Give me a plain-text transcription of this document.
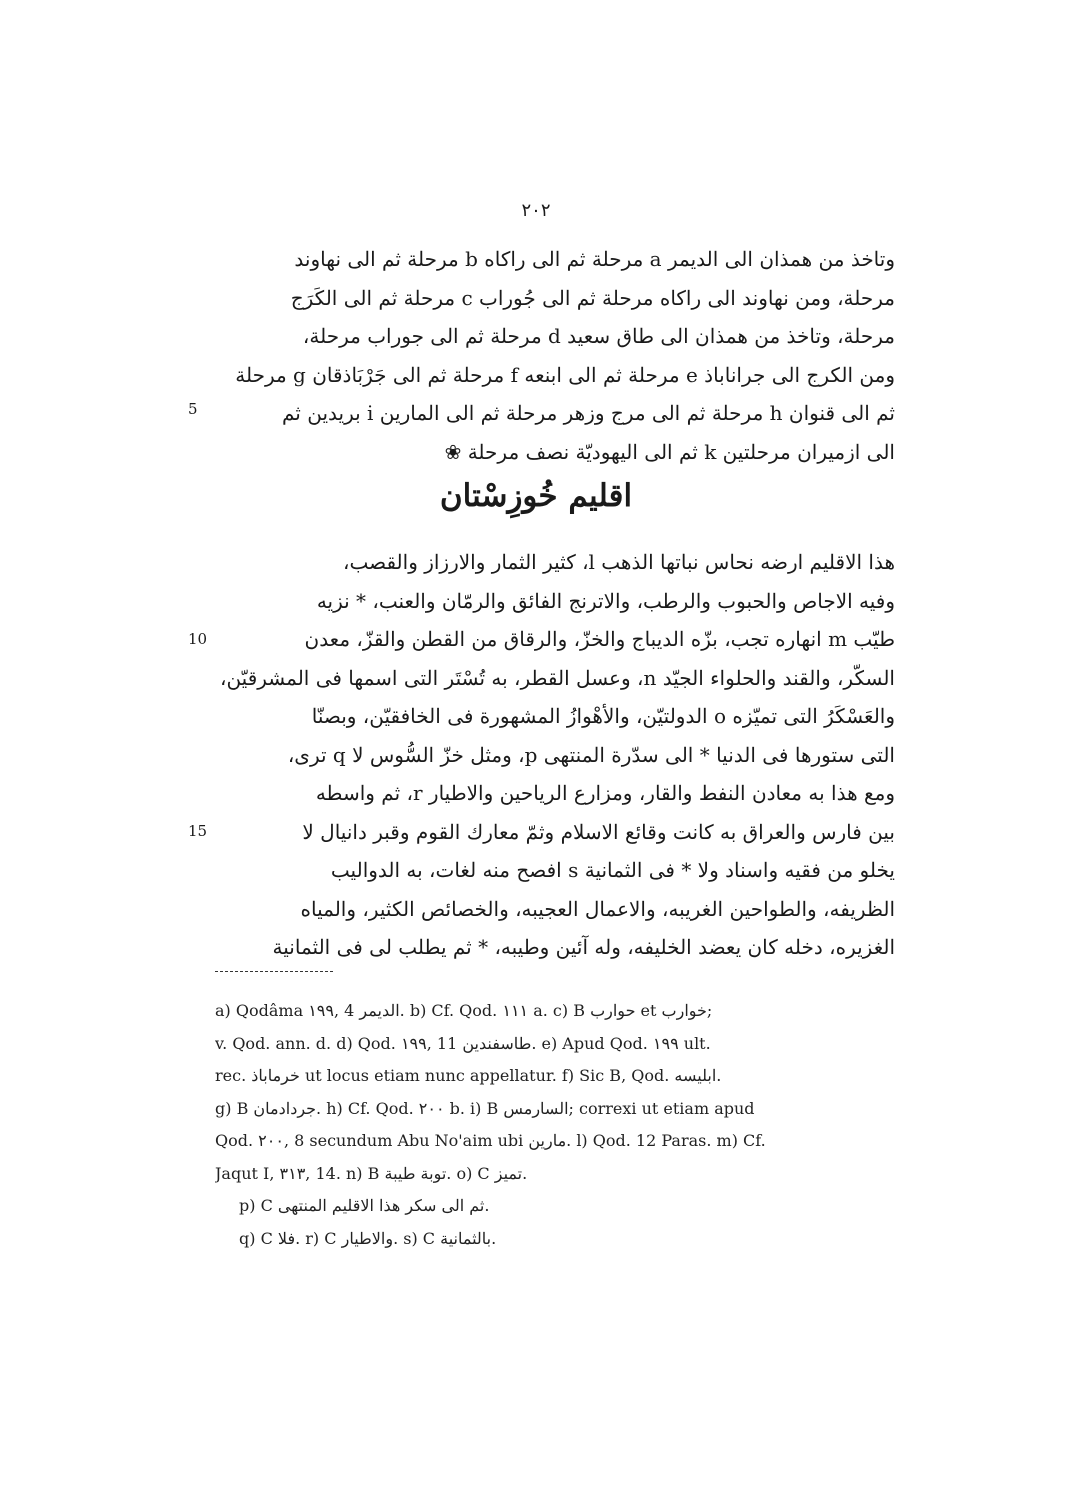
٢٠٢
وتاخذ من همذان الى الديمر a مرحلة ثم الى راكاه b مرحلة ثم الى نهاوند
مرحلة، ومن نهاوند الى راكاه مرحلة ثم الى جُوراب c مرحلة ثم الى الكَرَج
مرحلة، وتاخذ من همذان الى طاق سعيد d مرحلة ثم الى جوراب مرحلة،
ومن الكرج الى جراناباذ e مرحلة ثم الى ابنعه f مرحلة ثم الى جَرْبَاذقان g مرحلة
ثم الى قنوان h مرحلة ثم الى مرج وزهر مرحلة ثم الى المارين i بريدين ثم
الى ازميران مرحلتين k ثم الى اليهوديّة نصف مرحلة ❀
5
اقليم خُوزِسْتان
هذا الاقليم ارضه نحاس نباتها الذهب l، كثير الثمار والارزاز والقصب،
وفيه الاجاص والحبوب والرطب، والاترنج الفائق والرمّان والعنب، * نزيه
طيّب m انهاره تجب، بزّه الديباج والخزّ، والرقاق من القطن والقزّ، معدن
السكّر، والقند والحلواء الجيّد n، وعسل القطر، به تُسْتَر التى اسمها فى المشرقيّن،
والعَسْكَرُ التى تميّزه o الدولتيّن، والأهْوازُ المشهورة فى الخافقيّن، وبصنّا
التى ستورها فى الدنيا * الى سدّرة المنتهى p، ومثل خزّ السُّوس لا q ترى،
ومع هذا به معادن النفط والقار، ومزارع الرياحين والاطيار r، ثم واسطه
بين فارس والعراق به كانت وقائع الاسلام وثمّ معارك القوم وقبر دانيال لا
يخلو من فقيه واسناد ولا * فى الثمانية s افصح منه لغات، به الدواليب
الظريفه، والطواحين الغريبه، والاعمال العجيبه، والخصائص الكثير، والمياه
الغزيره، دخله كان يعضد الخليفه، وله آئين وطيبه، * ثم يطلب لى فى الثمانية
10
15
a) Qodâma ١٩٩, 4 الديمر. b) Cf. Qod. ١١١ a. c) B حوارب et خوارب;
v. Qod. ann. d. d) Qod. ١٩٩, 11 طاسفندين. e) Apud Qod. ١٩٩ ult.
rec. خرماباذ ut locus etiam nunc appellatur. f) Sic B, Qod. ابليسه.
g) B جردادمان. h) Cf. Qod. ٢٠٠ b. i) B السارمس; correxi ut etiam apud
Qod. ٢٠٠, 8 secundum Abu No'aim ubi مارين. l) Qod. 12 Paras. m) Cf.
Jaqut I, ٣١٣, 14. n) B توبة طيبة. o) C تميز.
p) C ثم الى سكر هذا الاقليم المنتهى.
q) C فلا. r) C والاطيار. s) C بالثمانية.
